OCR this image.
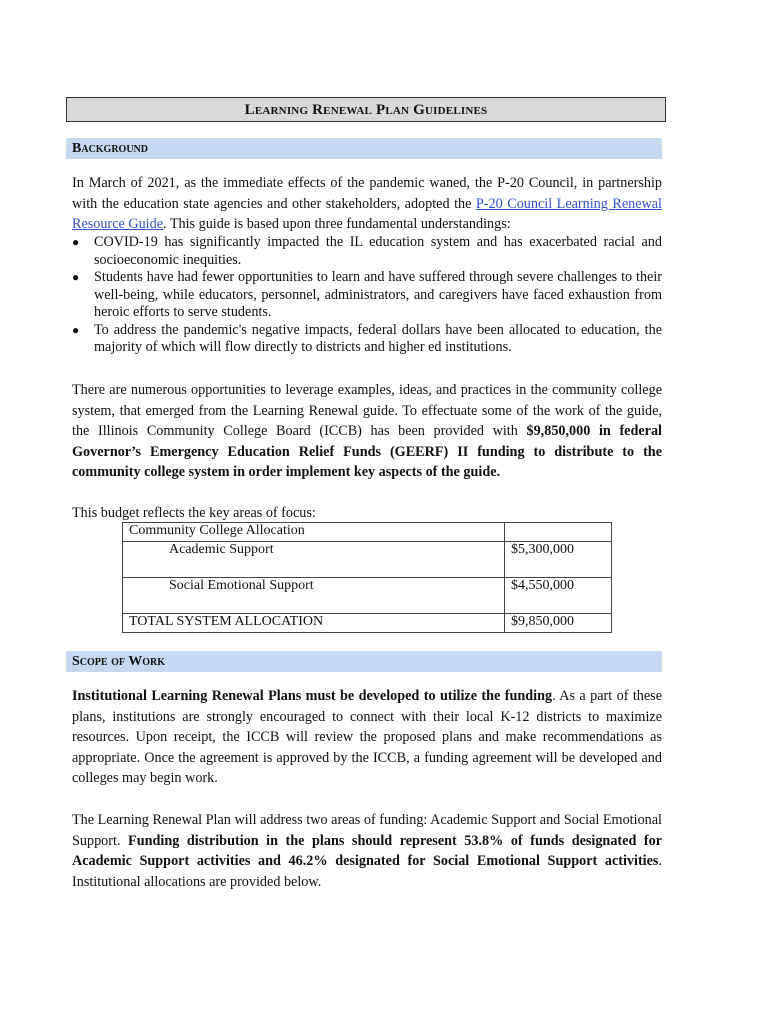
Learning Renewal Plan Guidelines
Background

In March of 2021, as the immediate effects of the pandemic waned, the P-20 Council, in partnership with the education state agencies and other stakeholders, adopted the P-20 Council Learning Renewal Resource Guide. This guide is based upon three fundamental understandings:

● COVID-19 has significantly impacted the IL education system and has exacerbated racial and socioeconomic inequities.
● Students have had fewer opportunities to learn and have suffered through severe challenges to their well-being, while educators, personnel, administrators, and caregivers have faced exhaustion from heroic efforts to serve students.
● To address the pandemic's negative impacts, federal dollars have been allocated to education, the majority of which will flow directly to districts and higher ed institutions.

There are numerous opportunities to leverage examples, ideas, and practices in the community college system, that emerged from the Learning Renewal guide. To effectuate some of the work of the guide, the Illinois Community College Board (ICCB) has been provided with $9,850,000 in federal Governor’s Emergency Education Relief Funds (GEERF) II funding to distribute to the community college system in order implement key aspects of the guide.

This budget reflects the key areas of focus:

Community College Allocation	
Academic Support	$5,300,000
Social Emotional Support	$4,550,000
TOTAL SYSTEM ALLOCATION	$9,850,000
Scope of Work

Institutional Learning Renewal Plans must be developed to utilize the funding. As a part of these plans, institutions are strongly encouraged to connect with their local K-12 districts to maximize resources. Upon receipt, the ICCB will review the proposed plans and make recommendations as appropriate. Once the agreement is approved by the ICCB, a funding agreement will be developed and colleges may begin work.

The Learning Renewal Plan will address two areas of funding: Academic Support and Social Emotional Support. Funding distribution in the plans should represent 53.8% of funds designated for Academic Support activities and 46.2% designated for Social Emotional Support activities. Institutional allocations are provided below.
